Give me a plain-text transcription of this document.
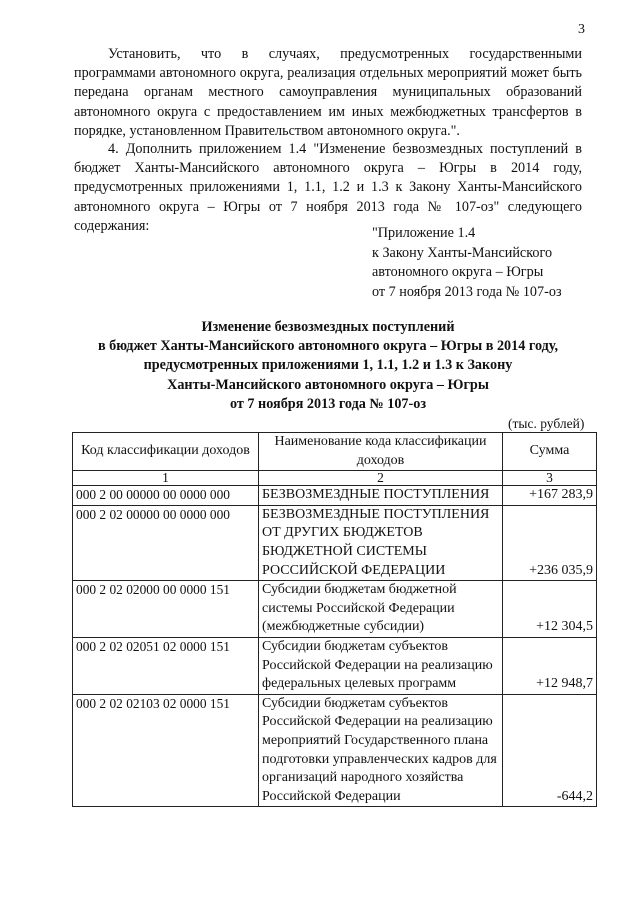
3

Установить, что в случаях, предусмотренных государственными программами автономного округа, реализация отдельных мероприятий может быть передана органам местного самоуправления муниципальных образований автономного округа с предоставлением им иных межбюджетных трансфертов в порядке, установленном Правительством автономного округа.".

4. Дополнить приложением 1.4 "Изменение безвозмездных поступлений в бюджет Ханты-Мансийского автономного округа – Югры в 2014 году, предусмотренных приложениями 1, 1.1, 1.2 и 1.3 к Закону Ханты-Мансийского автономного округа – Югры от 7 ноября 2013 года № 107-оз" следующего содержания:	"Приложение 1.4
к Закону Ханты-Мансийского
автономного округа – Югры
от 7 ноября 2013 года № 107-оз
Изменение безвозмездных поступлений
в бюджет Ханты-Мансийского автономного округа – Югры в 2014 году,
предусмотренных приложениями 1, 1.1, 1.2 и 1.3 к Закону
Ханты-Мансийского автономного округа – Югры
от 7 ноября 2013 года № 107-оз
(тыс. рублей)
Код классификации доходов	Наименование кода классификации доходов	Сумма
1	2	3
000 2 00 00000 00 0000 000	БЕЗВОЗМЕЗДНЫЕ ПОСТУПЛЕНИЯ	+167 283,9
000 2 02 00000 00 0000 000	БЕЗВОЗМЕЗДНЫЕ ПОСТУПЛЕНИЯ ОТ ДРУГИХ БЮДЖЕТОВ БЮДЖЕТНОЙ СИСТЕМЫ РОССИЙСКОЙ ФЕДЕРАЦИИ	+236 035,9
000 2 02 02000 00 0000 151	Субсидии бюджетам бюджетной системы Российской Федерации (межбюджетные субсидии)	+12 304,5
000 2 02 02051 02 0000 151	Субсидии бюджетам субъектов Российской Федерации на реализацию федеральных целевых программ	+12 948,7
000 2 02 02103 02 0000 151	Субсидии бюджетам субъектов Российской Федерации на реализацию мероприятий Государственного плана подготовки управленческих кадров для организаций народного хозяйства Российской Федерации	-644,2
